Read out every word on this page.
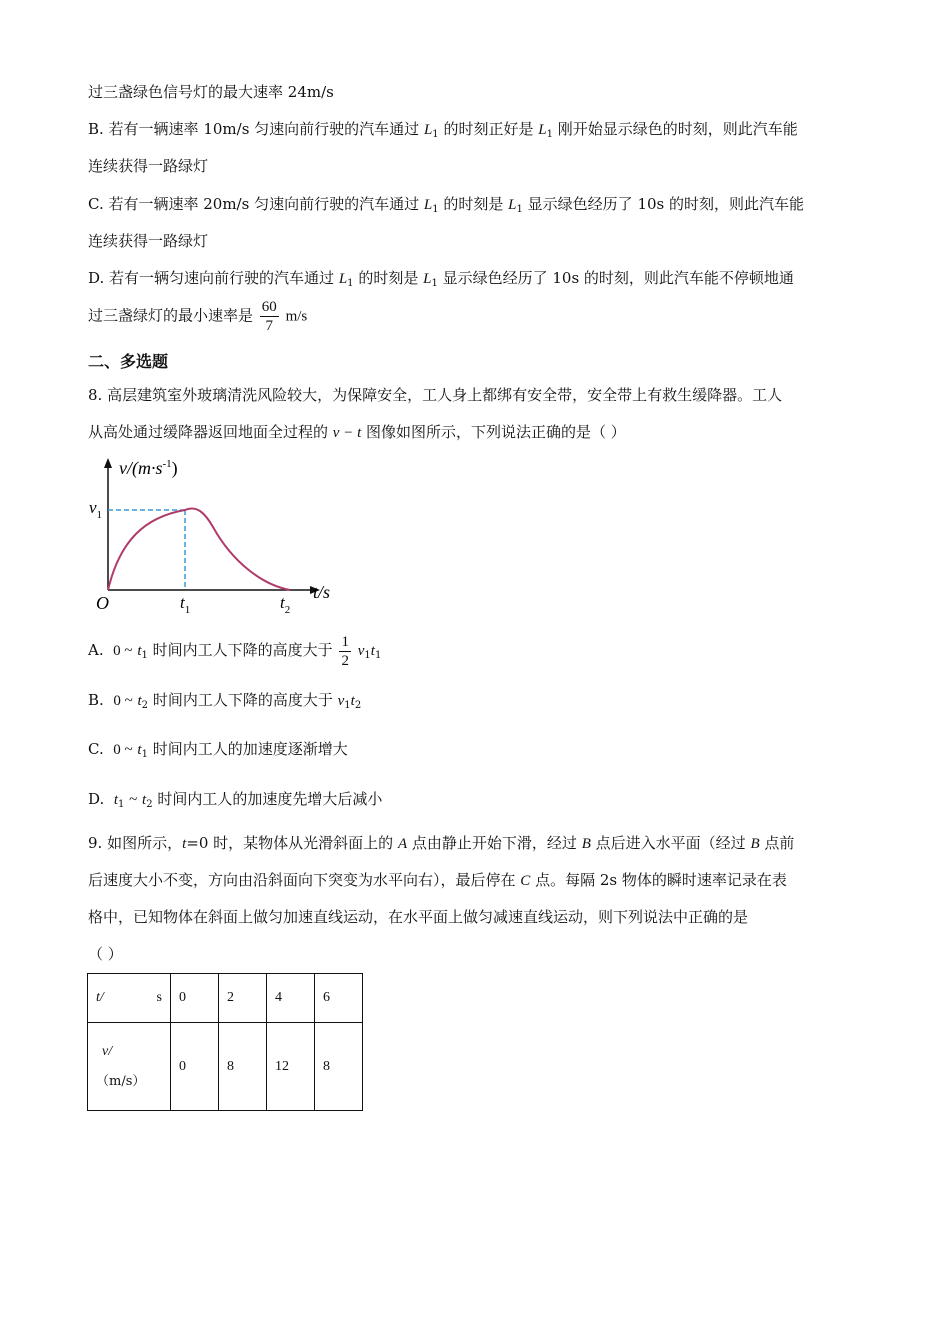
过三盏绿色信号灯的最大速率 24m/s
B. 若有一辆速率 10m/s 匀速向前行驶的汽车通过 $L_1$ 的时刻正好是 $L_1$ 刚开始显示绿色的时刻，则此汽车能
连续获得一路绿灯
C. 若有一辆速率 20m/s 匀速向前行驶的汽车通过 $L_1$ 的时刻是 $L_1$ 显示绿色经历了 10s 的时刻，则此汽车能
连续获得一路绿灯
D. 若有一辆匀速向前行驶的汽车通过 $L_1$ 的时刻是 $L_1$ 显示绿色经历了 10s 的时刻，则此汽车能不停顿地通
过三盏绿灯的最小速率是 $\frac{60}{7} m/s$
二、多选题
8. 高层建筑室外玻璃清洗风险较大，为保障安全，工人身上都绑有安全带，安全带上有救生缓降器。工人
从高处通过缓降器返回地面全过程的 v − t 图像如图所示，下列说法正确的是（ ）
$v/(m\cdot s^{-1})$
$v_1$
O	$t_1$	$t_2$
t/s
A. 0 ~ $t_1$ 时间内工人下降的高度大于 $\frac{1}{2} v_1t_1$
B. 0 ~ $t_2$ 时间内工人下降的高度大于 $v_1t_2$
C. 0 ~ $t_1$ 时间内工人的加速度逐渐增大
D. $t_1$ ~ $t_2$ 时间内工人的加速度先增大后减小
9. 如图所示，t=0 时，某物体从光滑斜面上的 A 点由静止开始下滑，经过 B 点后进入水平面（经过 B 点前
后速度大小不变，方向由沿斜面向下突变为水平向右），最后停在 C 点。每隔 2s 物体的瞬时速率记录在表
格中，已知物体在斜面上做匀加速直线运动，在水平面上做匀减速直线运动，则下列说法中正确的是
（ ）
t/ s	0	2	4	6

v/
（m/s）	0	8	12	8
